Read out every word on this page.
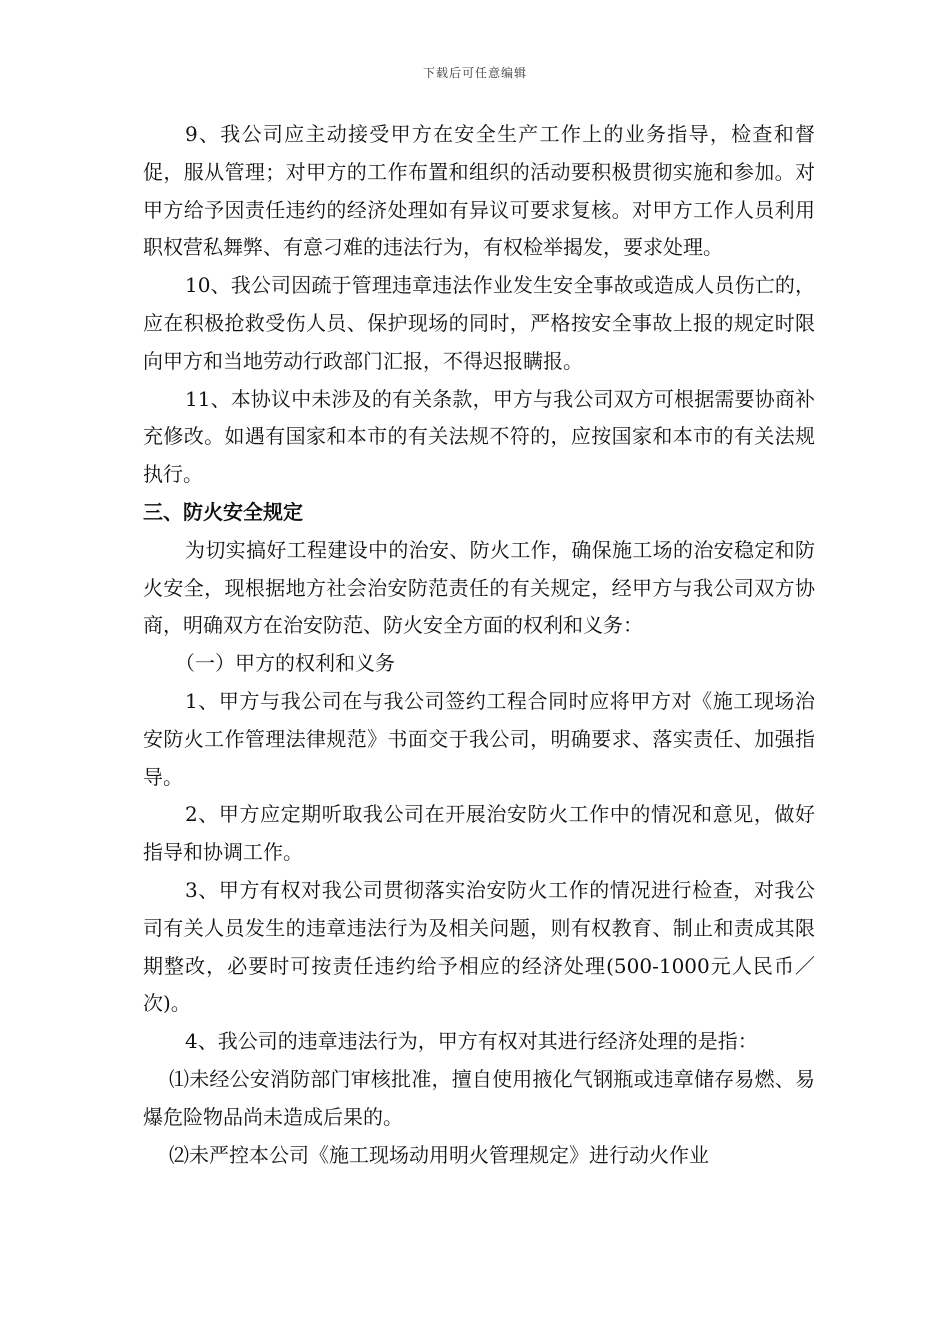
下载后可任意编辑

9、我公司应主动接受甲方在安全生产工作上的业务指导，检查和督促，服从管理；对甲方的工作布置和组织的活动要积极贯彻实施和参加。对甲方给予因责任违约的经济处理如有异议可要求复核。对甲方工作人员利用职权营私舞弊、有意刁难的违法行为，有权检举揭发，要求处理。

10、我公司因疏于管理违章违法作业发生安全事故或造成人员伤亡的，应在积极抢救受伤人员、保护现场的同时，严格按安全事故上报的规定时限向甲方和当地劳动行政部门汇报，不得迟报瞒报。

11、本协议中未涉及的有关条款，甲方与我公司双方可根据需要协商补充修改。如遇有国家和本市的有关法规不符的，应按国家和本市的有关法规执行。

三、防火安全规定

为切实搞好工程建设中的治安、防火工作，确保施工场的治安稳定和防火安全，现根据地方社会治安防范责任的有关规定，经甲方与我公司双方协商，明确双方在治安防范、防火安全方面的权利和义务：

（一）甲方的权利和义务

1、甲方与我公司在与我公司签约工程合同时应将甲方对《施工现场治安防火工作管理法律规范》书面交于我公司，明确要求、落实责任、加强指导。

2、甲方应定期听取我公司在开展治安防火工作中的情况和意见，做好指导和协调工作。

3、甲方有权对我公司贯彻落实治安防火工作的情况进行检查，对我公司有关人员发生的违章违法行为及相关问题，则有权教育、制止和责成其限期整改，必要时可按责任违约给予相应的经济处理(500-1000元人民币／次)。

4、我公司的违章违法行为，甲方有权对其进行经济处理的是指：

⑴未经公安消防部门审核批准，擅自使用掖化气钢瓶或违章储存易燃、易爆危险物品尚未造成后果的。

⑵未严控本公司《施工现场动用明火管理规定》进行动火作业
